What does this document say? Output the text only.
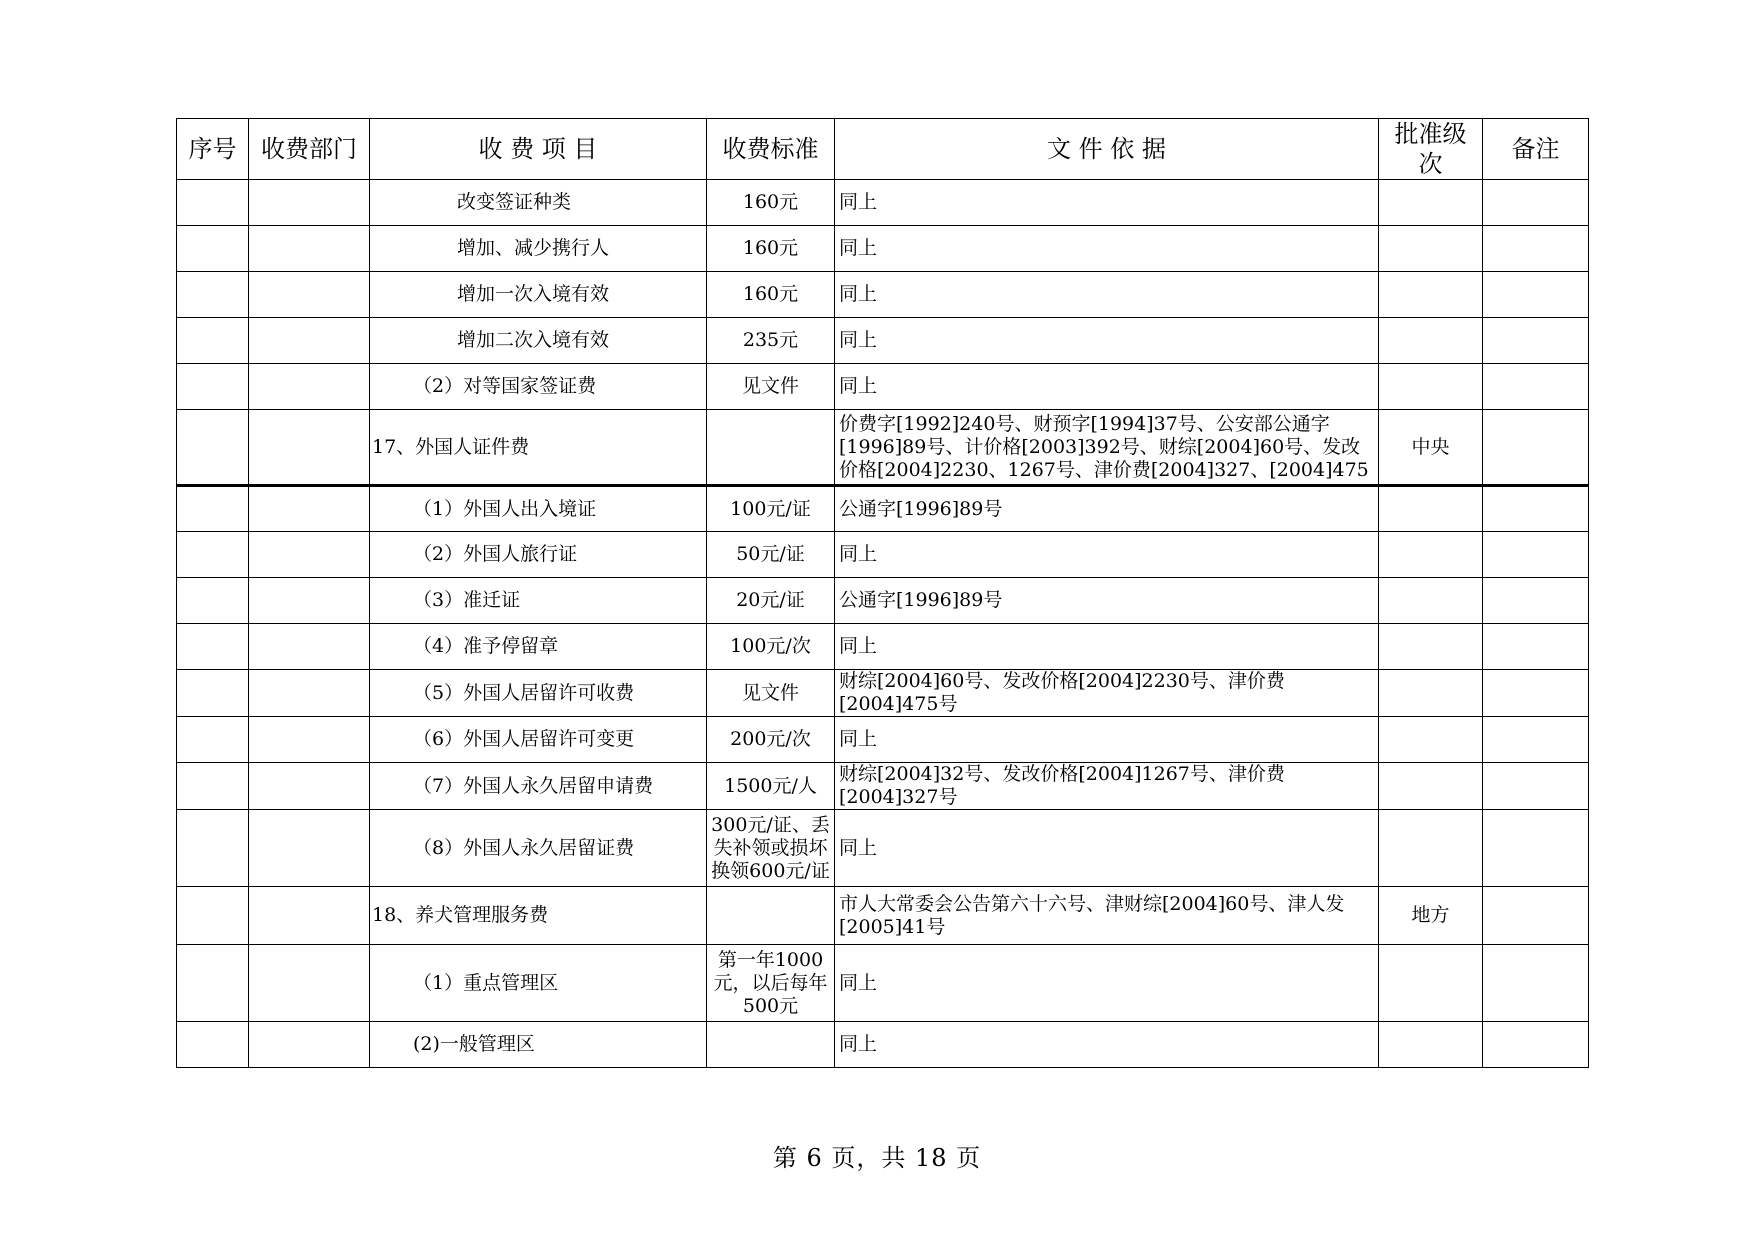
序号	收费部门	收 费 项 目	收费标准	文 件 依 据	批准级次	备注
		改变签证种类	160元	同上		
		增加、减少携行人	160元	同上		
		增加一次入境有效	160元	同上		
		增加二次入境有效	235元	同上		
		（2）对等国家签证费	见文件	同上		
		17、外国人证件费		价费字[1992]240号、财预字[1994]37号、公安部公通字[1996]89号、计价格[2003]392号、财综[2004]60号、发改价格[2004]2230、1267号、津价费[2004]327、[2004]475	中央	
		（1）外国人出入境证	100元/证	公通字[1996]89号		
		（2）外国人旅行证	50元/证	同上		
		（3）准迁证	20元/证	公通字[1996]89号		
		（4）准予停留章	100元/次	同上		
		（5）外国人居留许可收费	见文件	财综[2004]60号、发改价格[2004]2230号、津价费[2004]475号		
		（6）外国人居留许可变更	200元/次	同上		
		（7）外国人永久居留申请费	1500元/人	财综[2004]32号、发改价格[2004]1267号、津价费[2004]327号		
		（8）外国人永久居留证费	300元/证、丢失补领或损坏换领600元/证	同上		
		18、养犬管理服务费		市人大常委会公告第六十六号、津财综[2004]60号、津人发[2005]41号	地方	
		（1）重点管理区	第一年1000元，以后每年500元	同上		
		(2)一般管理区		同上		
第 6 页，共 18 页
